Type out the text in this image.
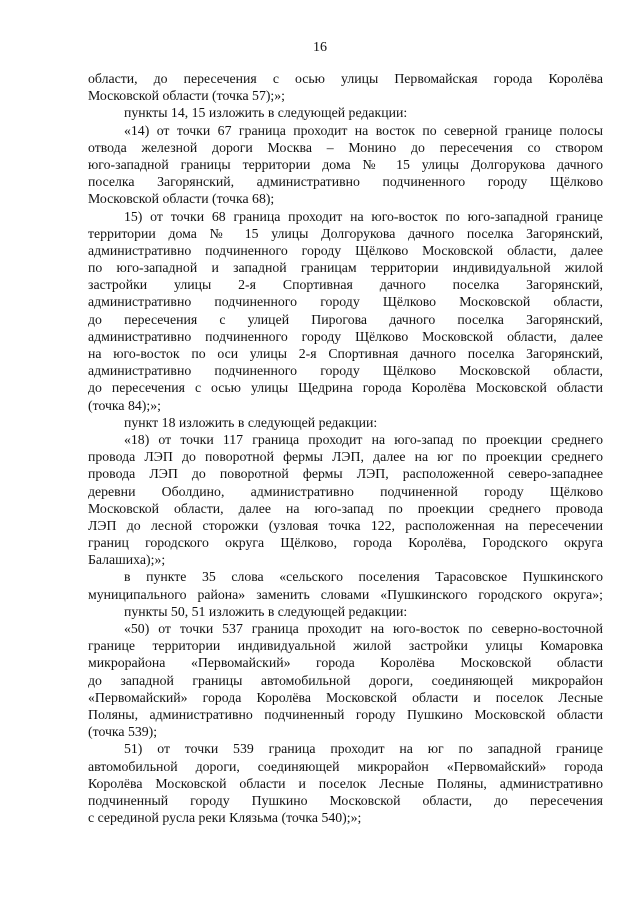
16
области, до пересечения с осью улицы Первомайская города Королёва
Московской области (точка 57);»;
пункты 14, 15 изложить в следующей редакции:
«14) от точки 67 граница проходит на восток по северной границе полосы
отвода железной дороги Москва – Монино до пересечения со створом
юго-западной границы территории дома № 15 улицы Долгорукова дачного
поселка Загорянский, административно подчиненного городу Щёлково
Московской области (точка 68);
15) от точки 68 граница проходит на юго-восток по юго-западной границе
территории дома № 15 улицы Долгорукова дачного поселка Загорянский,
административно подчиненного городу Щёлково Московской области, далее
по юго-западной и западной границам территории индивидуальной жилой
застройки улицы 2-я Спортивная дачного поселка Загорянский,
административно подчиненного городу Щёлково Московской области,
до пересечения с улицей Пирогова дачного поселка Загорянский,
административно подчиненного городу Щёлково Московской области, далее
на юго-восток по оси улицы 2-я Спортивная дачного поселка Загорянский,
административно подчиненного городу Щёлково Московской области,
до пересечения с осью улицы Щедрина города Королёва Московской области
(точка 84);»;
пункт 18 изложить в следующей редакции:
«18) от точки 117 граница проходит на юго-запад по проекции среднего
провода ЛЭП до поворотной фермы ЛЭП, далее на юг по проекции среднего
провода ЛЭП до поворотной фермы ЛЭП, расположенной северо-западнее
деревни Оболдино, административно подчиненной городу Щёлково
Московской области, далее на юго-запад по проекции среднего провода
ЛЭП до лесной сторожки (узловая точка 122, расположенная на пересечении
границ городского округа Щёлково, города Королёва, Городского округа
Балашиха);»;
в пункте 35 слова «сельского поселения Тарасовское Пушкинского
муниципального района» заменить словами «Пушкинского городского округа»;
пункты 50, 51 изложить в следующей редакции:
«50) от точки 537 граница проходит на юго-восток по северно-восточной
границе территории индивидуальной жилой застройки улицы Комаровка
микрорайона «Первомайский» города Королёва Московской области
до западной границы автомобильной дороги, соединяющей микрорайон
«Первомайский» города Королёва Московской области и поселок Лесные
Поляны, административно подчиненный городу Пушкино Московской области
(точка 539);
51) от точки 539 граница проходит на юг по западной границе
автомобильной дороги, соединяющей микрорайон «Первомайский» города
Королёва Московской области и поселок Лесные Поляны, административно
подчиненный городу Пушкино Московской области, до пересечения
с серединой русла реки Клязьма (точка 540);»;
